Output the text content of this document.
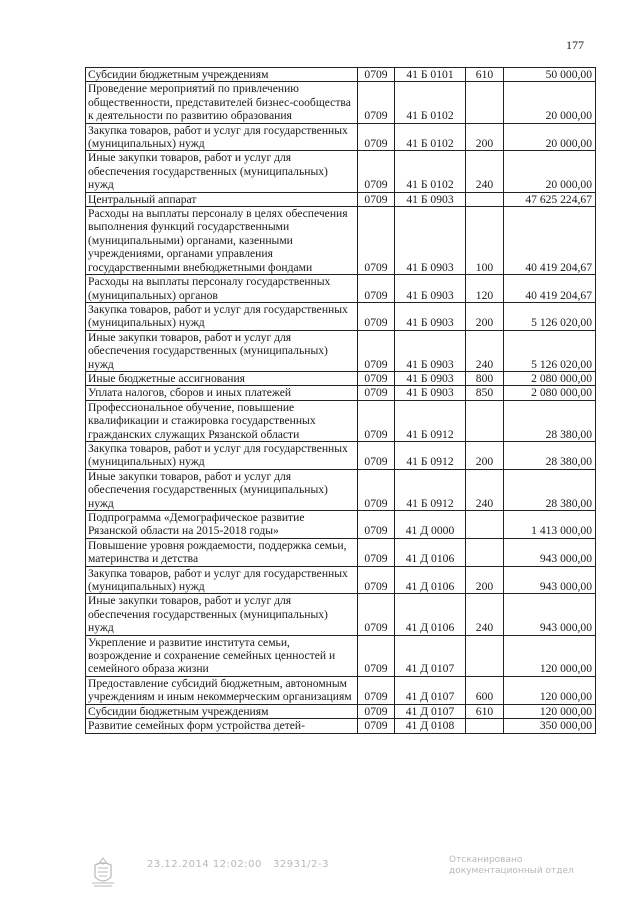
177
Субсидии бюджетным учреждениям	0709	41 Б 0101	610	50 000,00
Проведение мероприятий по привлечению общественности, представителей бизнес-сообщества к деятельности по развитию образования	0709	41 Б 0102		20 000,00
Закупка товаров, работ и услуг для государственных (муниципальных) нужд	0709	41 Б 0102	200	20 000,00
Иные закупки товаров, работ и услуг для обеспечения государственных (муниципальных) нужд	0709	41 Б 0102	240	20 000,00
Центральный аппарат	0709	41 Б 0903		47 625 224,67
Расходы на выплаты персоналу в целях обеспечения выполнения функций государственными (муниципальными) органами, казенными учреждениями, органами управления государственными внебюджетными фондами	0709	41 Б 0903	100	40 419 204,67
Расходы на выплаты персоналу государственных (муниципальных) органов	0709	41 Б 0903	120	40 419 204,67
Закупка товаров, работ и услуг для государственных (муниципальных) нужд	0709	41 Б 0903	200	5 126 020,00
Иные закупки товаров, работ и услуг для обеспечения государственных (муниципальных) нужд	0709	41 Б 0903	240	5 126 020,00
Иные бюджетные ассигнования	0709	41 Б 0903	800	2 080 000,00
Уплата налогов, сборов и иных платежей	0709	41 Б 0903	850	2 080 000,00
Профессиональное обучение, повышение квалификации и стажировка государственных гражданских служащих Рязанской области	0709	41 Б 0912		28 380,00
Закупка товаров, работ и услуг для государственных (муниципальных) нужд	0709	41 Б 0912	200	28 380,00
Иные закупки товаров, работ и услуг для обеспечения государственных (муниципальных) нужд	0709	41 Б 0912	240	28 380,00
Подпрограмма «Демографическое развитие Рязанской области на 2015-2018 годы»	0709	41 Д 0000		1 413 000,00
Повышение уровня рождаемости, поддержка семьи, материнства и детства	0709	41 Д 0106		943 000,00
Закупка товаров, работ и услуг для государственных (муниципальных) нужд	0709	41 Д 0106	200	943 000,00
Иные закупки товаров, работ и услуг для обеспечения государственных (муниципальных) нужд	0709	41 Д 0106	240	943 000,00
Укрепление и развитие института семьи, возрождение и сохранение семейных ценностей и семейного образа жизни	0709	41 Д 0107		120 000,00
Предоставление субсидий бюджетным, автономным учреждениям и иным некоммерческим организациям	0709	41 Д 0107	600	120 000,00
Субсидии бюджетным учреждениям	0709	41 Д 0107	610	120 000,00
Развитие семейных форм устройства детей-	0709	41 Д 0108		350 000,00
23.12.2014 12:02:00 32931/2-3	Отсканировано
документационный отдел
